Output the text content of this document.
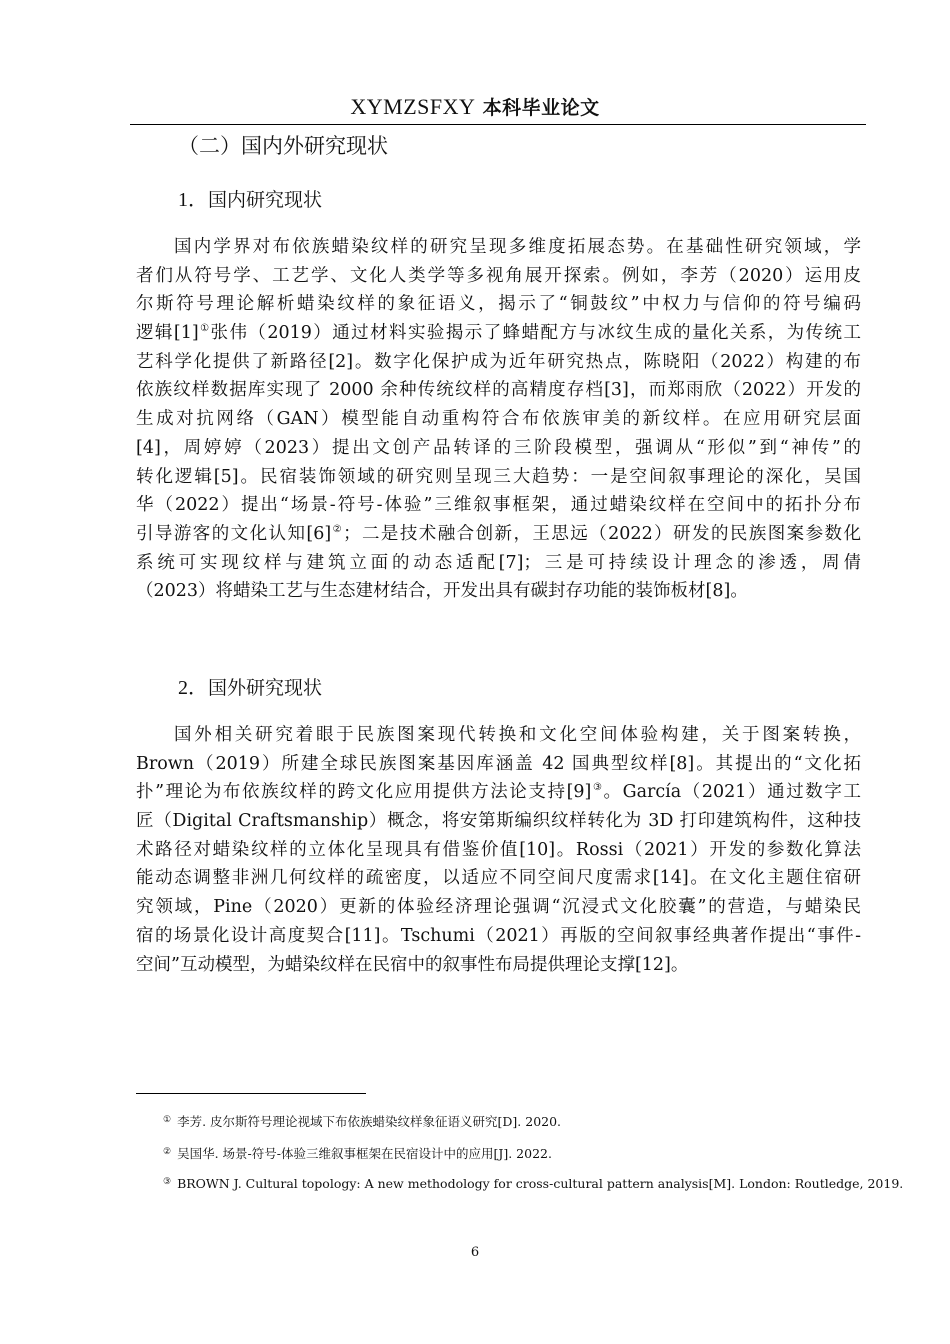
XYMZSFXY 本科毕业论文
（二）国内外研究现状
1．国内研究现状
国内学界对布依族蜡染纹样的研究呈现多维度拓展态势。在基础性研究领域，学
者们从符号学、工艺学、文化人类学等多视角展开探索。例如，李芳（2020）运用皮
尔斯符号理论解析蜡染纹样的象征语义，揭示了“铜鼓纹”中权力与信仰的符号编码
逻辑[1]①张伟（2019）通过材料实验揭示了蜂蜡配方与冰纹生成的量化关系，为传统工
艺科学化提供了新路径[2]。数字化保护成为近年研究热点，陈晓阳（2022）构建的布
依族纹样数据库实现了 2000 余种传统纹样的高精度存档[3]，而郑雨欣（2022）开发的
生成对抗网络（GAN）模型能自动重构符合布依族审美的新纹样。在应用研究层面
[4]，周婷婷（2023）提出文创产品转译的三阶段模型，强调从“形似”到“神传”的
转化逻辑[5]。民宿装饰领域的研究则呈现三大趋势：一是空间叙事理论的深化，吴国
华（2022）提出“场景-符号-体验”三维叙事框架，通过蜡染纹样在空间中的拓扑分布
引导游客的文化认知[6]②；二是技术融合创新，王思远（2022）研发的民族图案参数化
系统可实现纹样与建筑立面的动态适配[7]；三是可持续设计理念的渗透，周倩
（2023）将蜡染工艺与生态建材结合，开发出具有碳封存功能的装饰板材[8]。
2．国外研究现状
国外相关研究着眼于民族图案现代转换和文化空间体验构建，关于图案转换，
Brown（2019）所建全球民族图案基因库涵盖 42 国典型纹样[8]。其提出的“文化拓
扑”理论为布依族纹样的跨文化应用提供方法论支持[9]③。García（2021）通过数字工
匠（Digital Craftsmanship）概念，将安第斯编织纹样转化为 3D 打印建筑构件，这种技
术路径对蜡染纹样的立体化呈现具有借鉴价值[10]。Rossi（2021）开发的参数化算法
能动态调整非洲几何纹样的疏密度，以适应不同空间尺度需求[14]。在文化主题住宿研
究领域，Pine（2020）更新的体验经济理论强调“沉浸式文化胶囊”的营造，与蜡染民
宿的场景化设计高度契合[11]。Tschumi（2021）再版的空间叙事经典著作提出“事件-
空间”互动模型，为蜡染纹样在民宿中的叙事性布局提供理论支撑[12]。
① 李芳. 皮尔斯符号理论视域下布依族蜡染纹样象征语义研究[D]. 2020.
② 吴国华. 场景-符号-体验三维叙事框架在民宿设计中的应用[J]. 2022.
③ BROWN J. Cultural topology: A new methodology for cross-cultural pattern analysis[M]. London: Routledge, 2019.
6
